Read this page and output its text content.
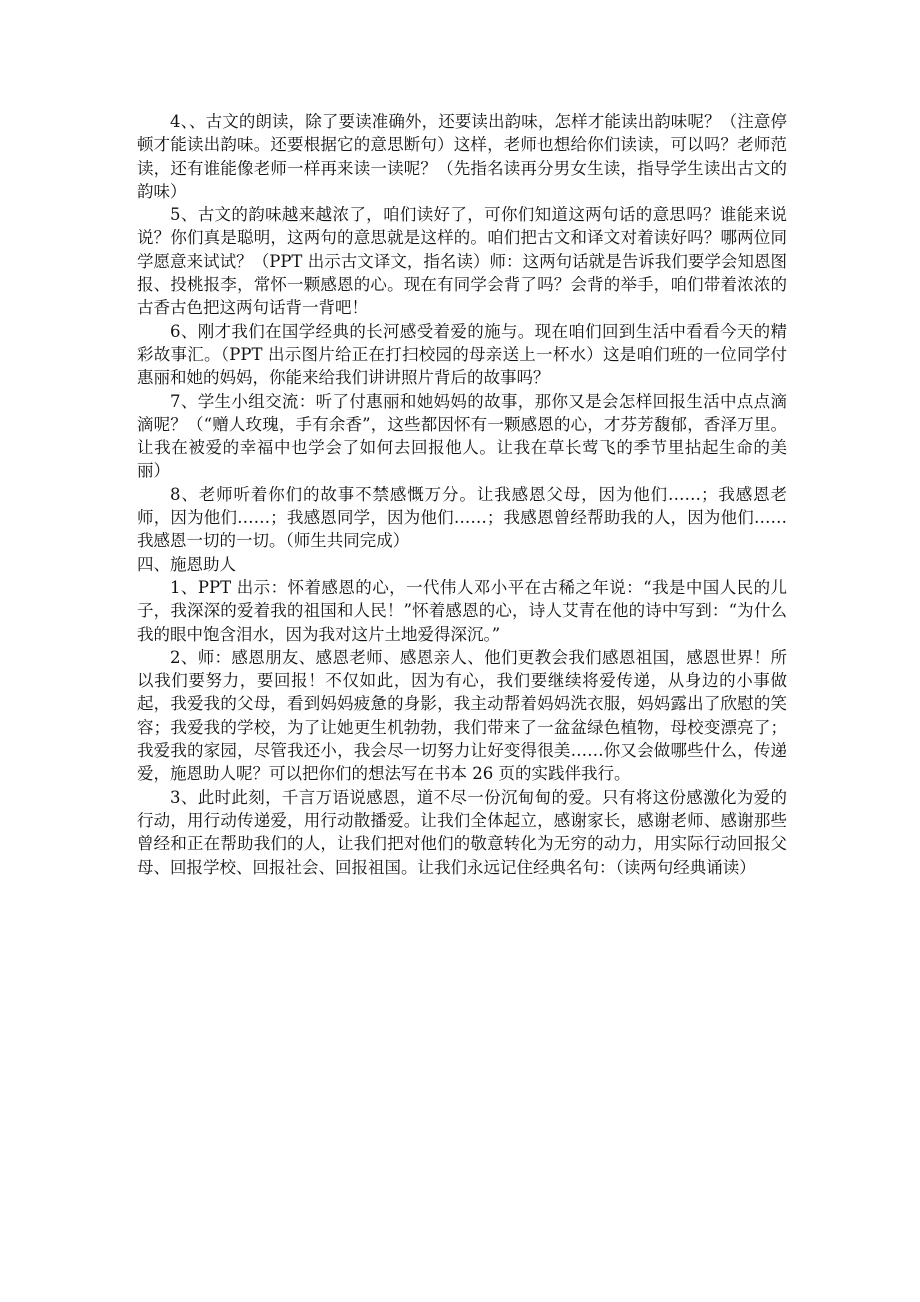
4、、古文的朗读，除了要读准确外，还要读出韵味，怎样才能读出韵味呢？（注意停顿才能读出韵味。还要根据它的意思断句）这样，老师也想给你们读读，可以吗？老师范读，还有谁能像老师一样再来读一读呢？（先指名读再分男女生读，指导学生读出古文的韵味）

5、古文的韵味越来越浓了，咱们读好了，可你们知道这两句话的意思吗？谁能来说说？你们真是聪明，这两句的意思就是这样的。咱们把古文和译文对着读好吗？哪两位同学愿意来试试？（PPT 出示古文译文，指名读）师：这两句话就是告诉我们要学会知恩图报、投桃报李，常怀一颗感恩的心。现在有同学会背了吗？会背的举手，咱们带着浓浓的古香古色把这两句话背一背吧！

6、刚才我们在国学经典的长河感受着爱的施与。现在咱们回到生活中看看今天的精彩故事汇。（PPT 出示图片给正在打扫校园的母亲送上一杯水）这是咱们班的一位同学付惠丽和她的妈妈，你能来给我们讲讲照片背后的故事吗？

7、学生小组交流：听了付惠丽和她妈妈的故事，那你又是会怎样回报生活中点点滴滴呢？（“赠人玫瑰，手有余香”，这些都因怀有一颗感恩的心，才芬芳馥郁，香泽万里。让我在被爱的幸福中也学会了如何去回报他人。让我在草长莺飞的季节里拈起生命的美丽）

8、老师听着你们的故事不禁感慨万分。让我感恩父母，因为他们……；我感恩老师，因为他们……；我感恩同学，因为他们……；我感恩曾经帮助我的人，因为他们……我感恩一切的一切。（师生共同完成）

四、施恩助人

1、PPT 出示：怀着感恩的心，一代伟人邓小平在古稀之年说：“我是中国人民的儿子，我深深的爱着我的祖国和人民！”怀着感恩的心，诗人艾青在他的诗中写到：“为什么我的眼中饱含泪水，因为我对这片土地爱得深沉。”

2、师：感恩朋友、感恩老师、感恩亲人、他们更教会我们感恩祖国，感恩世界！所以我们要努力，要回报！不仅如此，因为有心，我们要继续将爱传递，从身边的小事做起，我爱我的父母，看到妈妈疲惫的身影，我主动帮着妈妈洗衣服，妈妈露出了欣慰的笑容；我爱我的学校，为了让她更生机勃勃，我们带来了一盆盆绿色植物，母校变漂亮了；我爱我的家园，尽管我还小，我会尽一切努力让好变得很美……你又会做哪些什么，传递爱，施恩助人呢？可以把你们的想法写在书本 26 页的实践伴我行。

3、此时此刻，千言万语说感恩，道不尽一份沉甸甸的爱。只有将这份感激化为爱的行动，用行动传递爱，用行动散播爱。让我们全体起立，感谢家长，感谢老师、感谢那些曾经和正在帮助我们的人，让我们把对他们的敬意转化为无穷的动力，用实际行动回报父母、回报学校、回报社会、回报祖国。让我们永远记住经典名句：（读两句经典诵读）
